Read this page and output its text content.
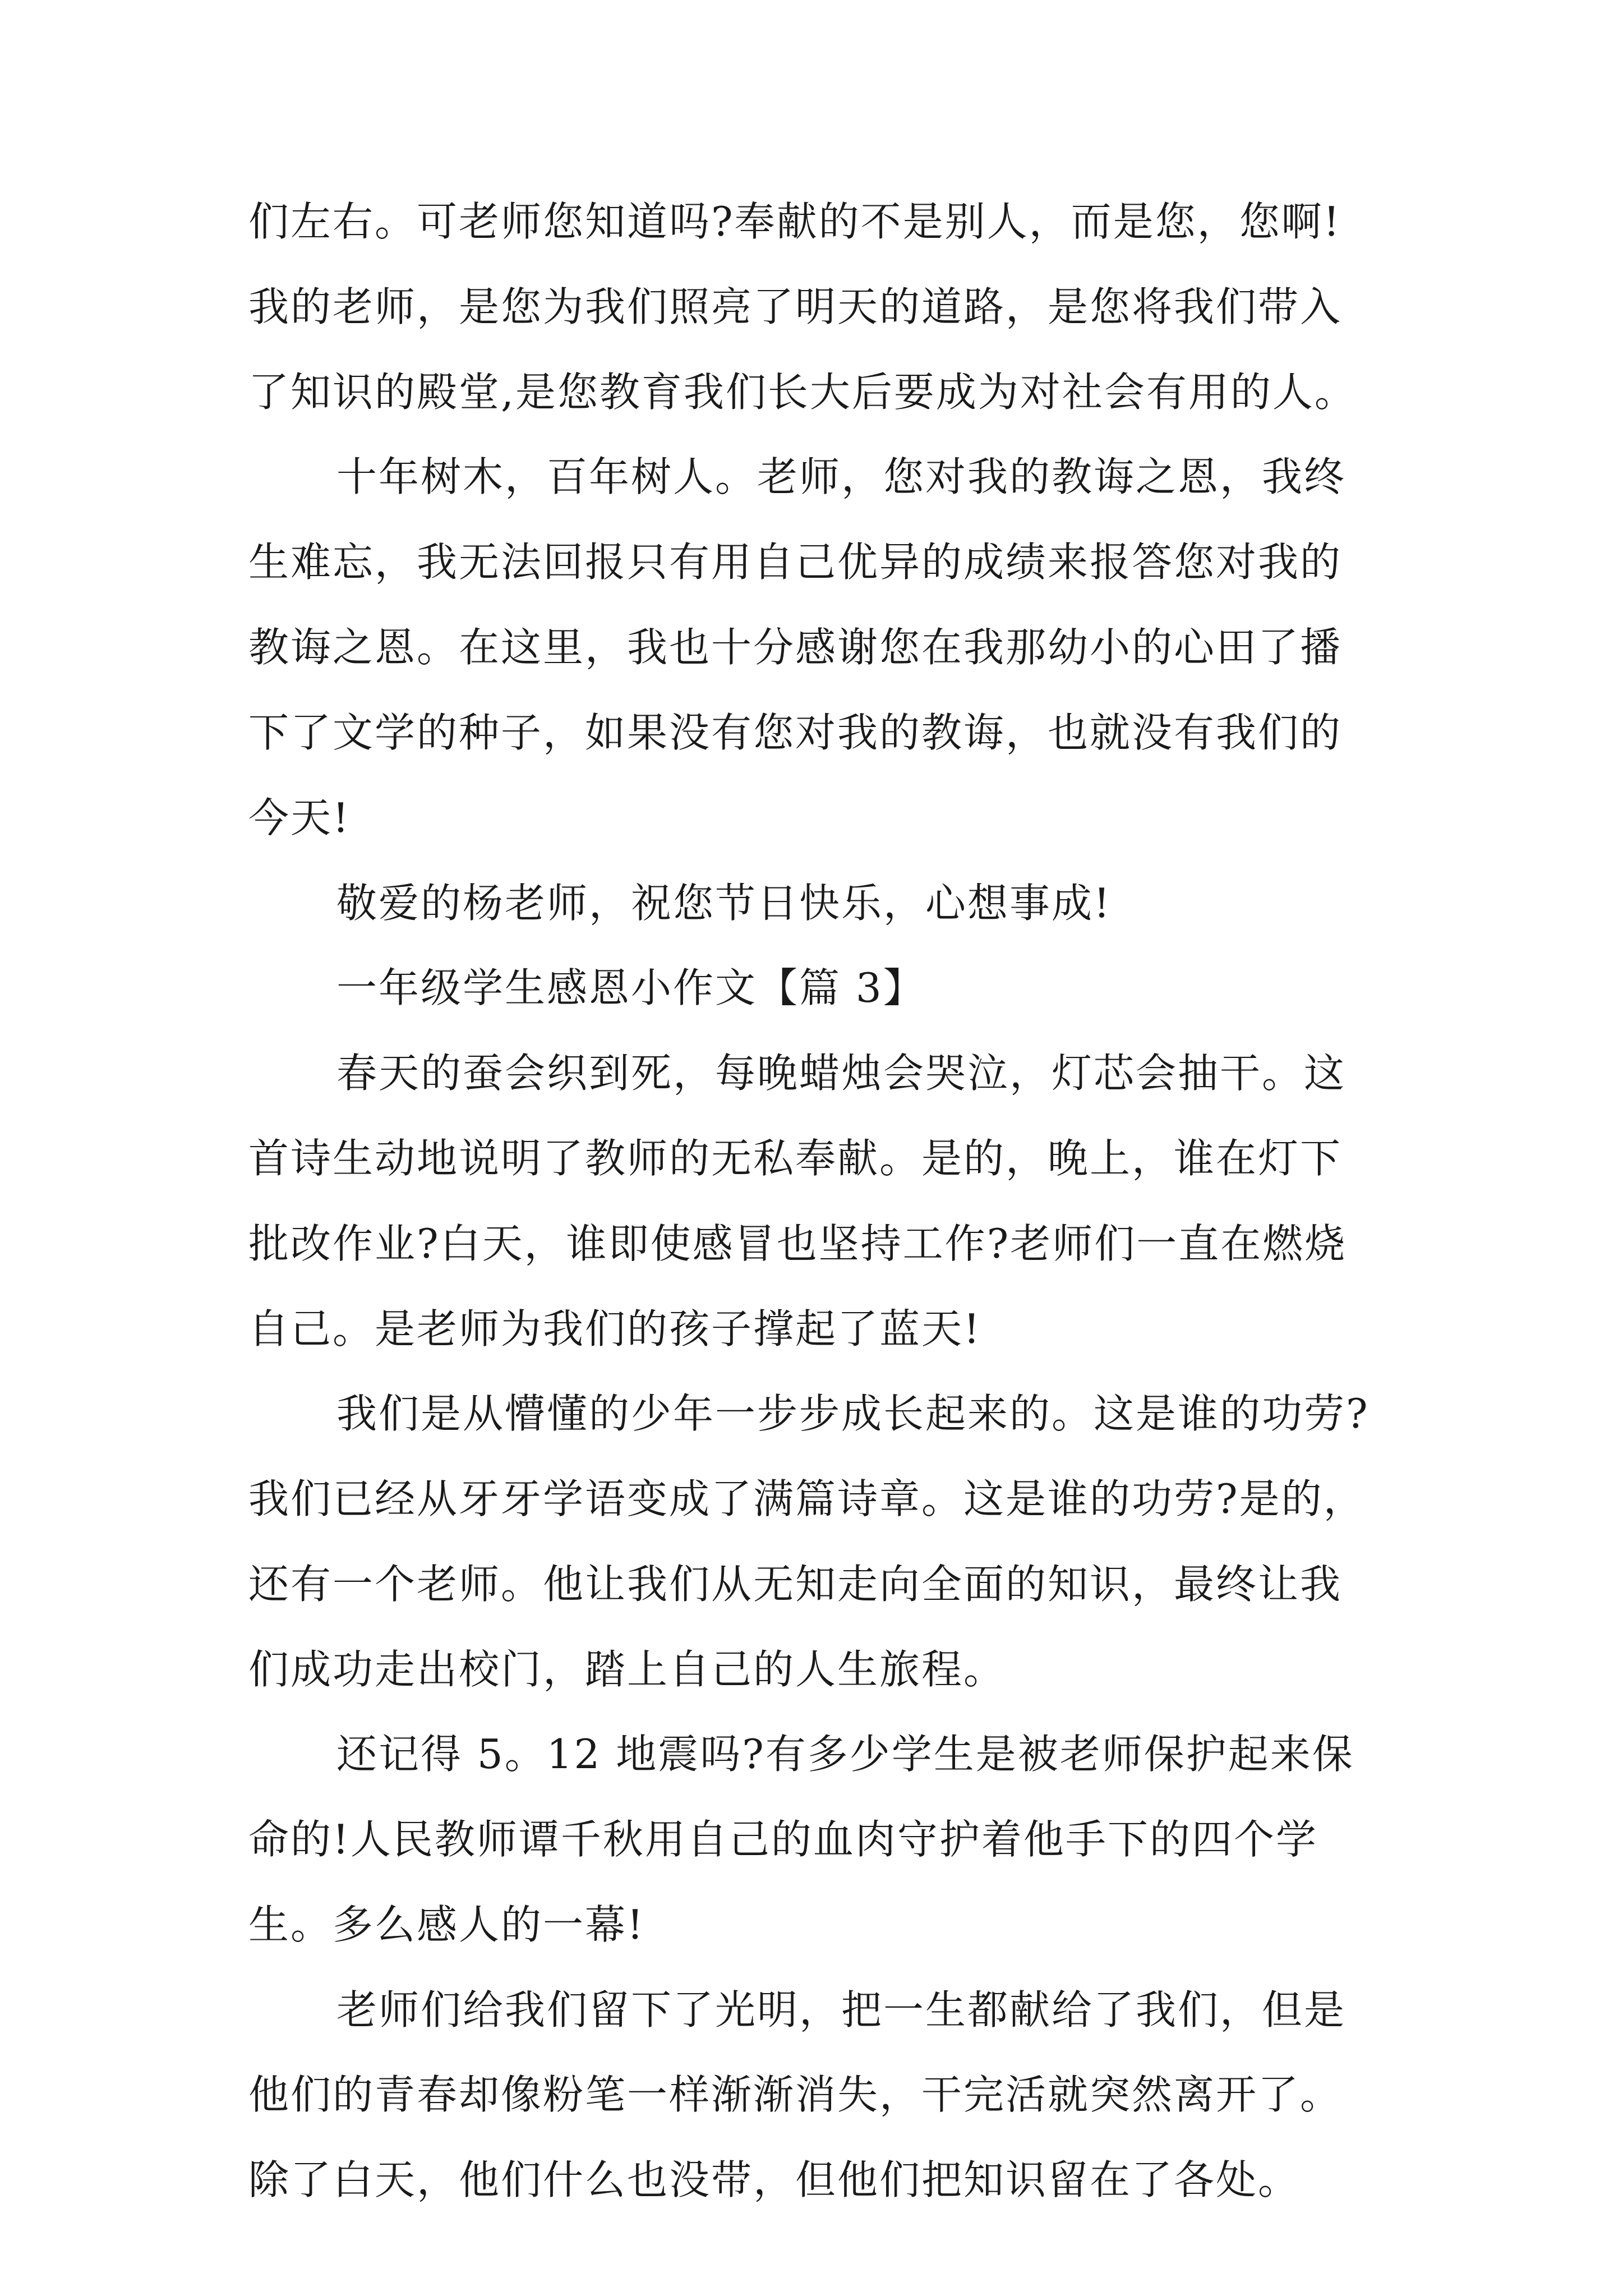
们左右。可老师您知道吗?奉献的不是别人，而是您，您啊!

我的老师，是您为我们照亮了明天的道路，是您将我们带入

了知识的殿堂,是您教育我们长大后要成为对社会有用的人。

十年树木，百年树人。老师，您对我的教诲之恩，我终

生难忘，我无法回报只有用自己优异的成绩来报答您对我的

教诲之恩。在这里，我也十分感谢您在我那幼小的心田了播

下了文学的种子，如果没有您对我的教诲，也就没有我们的

今天!

敬爱的杨老师，祝您节日快乐，心想事成!

一年级学生感恩小作文【篇 3】

春天的蚕会织到死，每晚蜡烛会哭泣，灯芯会抽干。这

首诗生动地说明了教师的无私奉献。是的，晚上，谁在灯下

批改作业?白天，谁即使感冒也坚持工作?老师们一直在燃烧

自己。是老师为我们的孩子撑起了蓝天!

我们是从懵懂的少年一步步成长起来的。这是谁的功劳?

我们已经从牙牙学语变成了满篇诗章。这是谁的功劳?是的，

还有一个老师。他让我们从无知走向全面的知识，最终让我

们成功走出校门，踏上自己的人生旅程。

还记得 5。12 地震吗?有多少学生是被老师保护起来保

命的!人民教师谭千秋用自己的血肉守护着他手下的四个学

生。多么感人的一幕!

老师们给我们留下了光明，把一生都献给了我们，但是

他们的青春却像粉笔一样渐渐消失，干完活就突然离开了。

除了白天，他们什么也没带，但他们把知识留在了各处。
